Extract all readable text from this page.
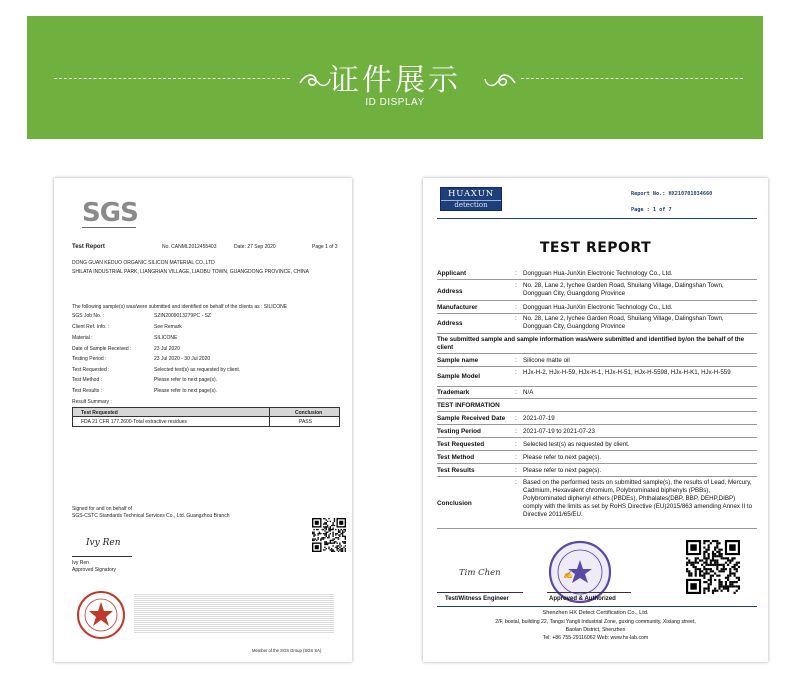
证件展示
ID DISPLAY
SGS
Test Report	No. CANML2012455403	Date: 27 Sep 2020	Page 1 of 3
DONG GUAN KEDUO ORGANIC SILICON MATERIAL CO.,LTD
SHILATA INDUSTRIAL PARK, LIANGRIAN VILLAGE, LIAOBU TOWN, GUANGDONG PROVINCE, CHINA
The following sample(s) was/were submitted and identified on behalf of the clients as : SILICONE
SGS Job No. :	SZIN2009013279PC - SZ
Client Ref. Info. :	See Remark
Material :	SILICONE
Date of Sample Received :	23 Jul 2020
Testing Period :	23 Jul 2020 - 30 Jul 2020
Test Requested :	Selected test(s) as requested by client.
Test Method :	Please refer to next page(s).
Test Results :	Please refer to next page(s).
Result Summary :
Test Requested	Conclusion
FDA 21 CFR 177.2600-Total extractive residues	PASS
Signed for and on behalf of
SGS-CSTC Standards Technical Services Co., Ltd. Guangzhou Branch
Ivy Ren
Ivy Ren
Approved Signatory
Member of the SGS Group (SGS SA)
HUAXUN
detection
Report No.: HX210701034660
Page : 1 of 7
TEST REPORT
Applicant	: Dongguan Hua-JunXin Electronic Technology Co., Ltd.
Address
: No. 28, Lane 2, lychee Garden Road, Shuilang Village, Dalingshan Town, Dongguan City, Guangdong Province
Manufacturer	: Dongguan Hua-JunXin Electronic Technology Co., Ltd.
Address
: No. 28, Lane 2, lychee Garden Road, Shuilang Village, Dalingshan Town, Dongguan City, Guangdong Province
The submitted sample and sample information was/were submitted and identified by/on the behalf of the client
Sample name	: Silicone matte oil
Sample Model
: HJx-H-2, HJx-H-59, HJx-H-1, HJx-H-51, HJx-H-5598, HJx-H-K1, HJx-H-559
Trademark	: N/A
TEST INFORMATION
Sample Received Date : 2021-07-19
Testing Period	: 2021-07-19 to 2021-07-23
Test Requested	: Selected test(s) as requested by client.
Test Method	: Please refer to next page(s).
Test Results	: Please refer to next page(s).
Conclusion
: Based on the performed tests on submitted sample(s), the results of Lead, Mercury, Cadmium, Hexavalent chromium, Polybrominated biphenyls (PBBs), Polybrominated diphenyl ethers (PBDEs), Phthalates(DBP, BBP, DEHP,DIBP) comply with the limits as set by RoHS Directive (EU)2015/863 amending Annex II to Directive 2011/65/EU.
Tim Chen
Test/Witness Engineer
✍
Approved & Authorized
Shenzhen HX Detect Certification Co., Ltd.
2/F, bostal, building 22, Tangxi Yangli Industrial Zone, guxing community, Xixiang street,
Baolan District, Shenzhen
Tel: +86 755-29116062 Web: www.hx-lab.com
